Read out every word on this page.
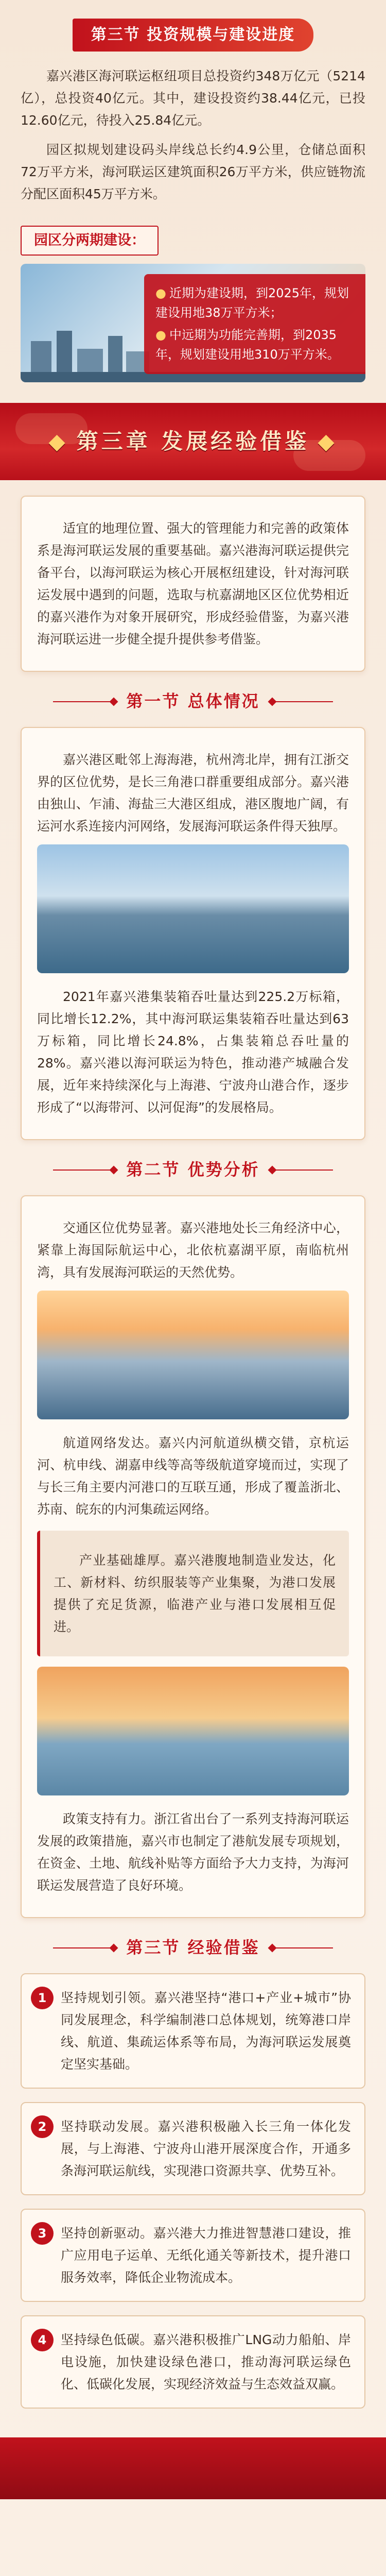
第三节 投资规模与建设进度

嘉兴港区海河联运枢纽项目总投资约348万亿元（5214亿），总投资40亿元。其中，建设投资约38.44亿元，已投12.60亿元，待投入25.84亿元。

园区拟规划建设码头岸线总长约4.9公里，仓储总面积72万平方米，海河联运区建筑面积26万平方米，供应链物流分配区面积45万平方米。

园区分两期建设：
● 近期为建设期，到2025年，规划建设用地38万平方米；
● 中远期为功能完善期，到2035年，规划建设用地310万平方米。
◆ 第三章 发展经验借鉴 ◆

适宜的地理位置、强大的管理能力和完善的政策体系是海河联运发展的重要基础。嘉兴港海河联运提供完备平台，以海河联运为核心开展枢纽建设，针对海河联运发展中遇到的问题，选取与杭嘉湖地区区位优势相近的嘉兴港作为对象开展研究，形成经验借鉴，为嘉兴港海河联运进一步健全提升提供参考借鉴。

第一节 总体情况

嘉兴港区毗邻上海海港，杭州湾北岸，拥有江浙交界的区位优势，是长三角港口群重要组成部分。嘉兴港由独山、乍浦、海盐三大港区组成，港区腹地广阔，有运河水系连接内河网络，发展海河联运条件得天独厚。

2021年嘉兴港集装箱吞吐量达到225.2万标箱，同比增长12.2%，其中海河联运集装箱吞吐量达到63万标箱，同比增长24.8%，占集装箱总吞吐量的28%。嘉兴港以海河联运为特色，推动港产城融合发展，近年来持续深化与上海港、宁波舟山港合作，逐步形成了“以海带河、以河促海”的发展格局。

第二节 优势分析

交通区位优势显著。嘉兴港地处长三角经济中心，紧靠上海国际航运中心，北依杭嘉湖平原，南临杭州湾，具有发展海河联运的天然优势。

航道网络发达。嘉兴内河航道纵横交错，京杭运河、杭申线、湖嘉申线等高等级航道穿境而过，实现了与长三角主要内河港口的互联互通，形成了覆盖浙北、苏南、皖东的内河集疏运网络。

产业基础雄厚。嘉兴港腹地制造业发达，化工、新材料、纺织服装等产业集聚，为港口发展提供了充足货源，临港产业与港口发展相互促进。

政策支持有力。浙江省出台了一系列支持海河联运发展的政策措施，嘉兴市也制定了港航发展专项规划，在资金、土地、航线补贴等方面给予大力支持，为海河联运发展营造了良好环境。

第三节 经验借鉴
1	坚持规划引领。嘉兴港坚持“港口+产业+城市”协同发展理念，科学编制港口总体规划，统筹港口岸线、航道、集疏运体系等布局，为海河联运发展奠定坚实基础。

2	坚持联动发展。嘉兴港积极融入长三角一体化发展，与上海港、宁波舟山港开展深度合作，开通多条海河联运航线，实现港口资源共享、优势互补。

3	坚持创新驱动。嘉兴港大力推进智慧港口建设，推广应用电子运单、无纸化通关等新技术，提升港口服务效率，降低企业物流成本。

4	坚持绿色低碳。嘉兴港积极推广LNG动力船舶、岸电设施，加快建设绿色港口，推动海河联运绿色化、低碳化发展，实现经济效益与生态效益双赢。
